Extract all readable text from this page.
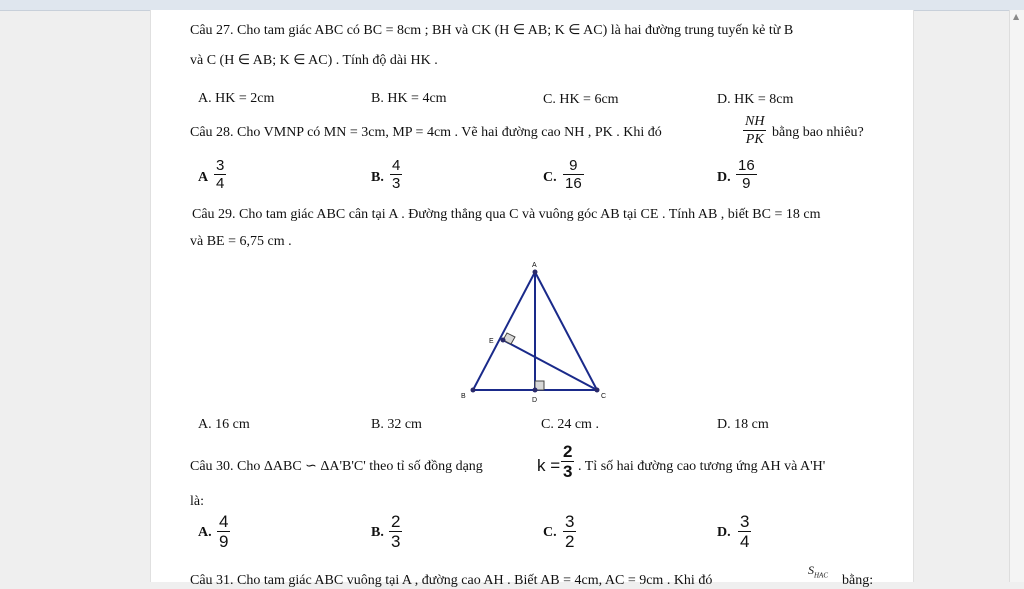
▲
Câu 27. Cho tam giác ABC có BC = 8cm ; BH và CK (H ∈ AB; K ∈ AC) là hai đường trung tuyến kẻ từ B
và C (H ∈ AB; K ∈ AC) . Tính độ dài HK .
A. HK = 2cm	B. HK = 4cm	C. HK = 6cm	D. HK = 8cm
Câu 28. Cho VMNP có MN = 3cm, MP = 4cm . Vẽ hai đường cao NH , PK . Khi đó
NH
PK bằng bao nhiêu?
A
3
4	B.
4
3	C.
9
16	D.
16
9
Câu 29. Cho tam giác ABC cân tại A . Đường thẳng qua C và vuông góc AB tại CE . Tính AB , biết BC = 18 cm
và BE = 6,75 cm .
A
B	C
D
E
A. 16 cm	B. 32 cm	C. 24 cm .	D. 18 cm
Câu 30. Cho ΔABC ∽ ΔA'B'C' theo tỉ số đồng dạng	k =
2
3 . Tỉ số hai đường cao tương ứng AH và A'H'
là:
A.
4
9	B.
2
3	C.
3
2	D.
3
4
Câu 31. Cho tam giác ABC vuông tại A , đường cao AH . Biết AB = 4cm, AC = 9cm . Khi đó
$S_{HAC}$ bằng:
